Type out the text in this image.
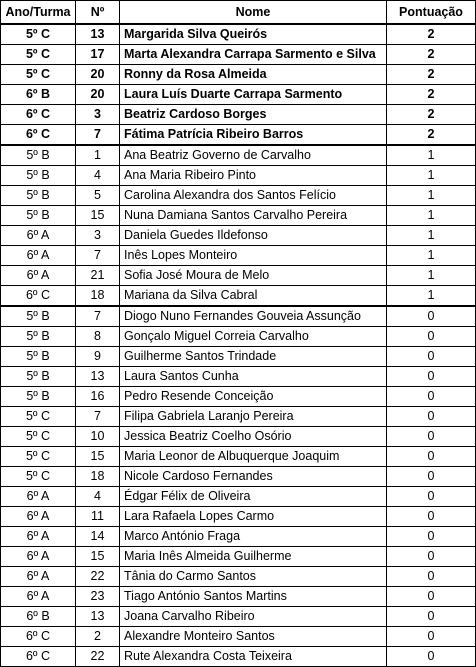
Ano/Turma	Nº	Nome	Pontuação
5º C	13	Margarida Silva Queirós	2
5º C	17	Marta Alexandra Carrapa Sarmento e Silva	2
5º C	20	Ronny da Rosa Almeida	2
6º B	20	Laura Luís Duarte Carrapa Sarmento	2
6º C	3	Beatriz Cardoso Borges	2
6º C	7	Fátima Patrícia Ribeiro Barros	2
5º B	1	Ana Beatriz Governo de Carvalho	1
5º B	4	Ana Maria Ribeiro Pinto	1
5º B	5	Carolina Alexandra dos Santos Felício	1
5º B	15	Nuna Damiana Santos Carvalho Pereira	1
6º A	3	Daniela Guedes Ildefonso	1
6º A	7	Inês Lopes Monteiro	1
6º A	21	Sofia José Moura de Melo	1
6º C	18	Mariana da Silva Cabral	1
5º B	7	Diogo Nuno Fernandes Gouveia Assunção	0
5º B	8	Gonçalo Miguel Correia Carvalho	0
5º B	9	Guilherme Santos Trindade	0
5º B	13	Laura Santos Cunha	0
5º B	16	Pedro Resende Conceição	0
5º C	7	Filipa Gabriela Laranjo Pereira	0
5º C	10	Jessica Beatriz Coelho Osório	0
5º C	15	Maria Leonor de Albuquerque Joaquim	0
5º C	18	Nicole Cardoso Fernandes	0
6º A	4	Édgar Félix de Oliveira	0
6º A	11	Lara Rafaela Lopes Carmo	0
6º A	14	Marco António Fraga	0
6º A	15	Maria Inês Almeida Guilherme	0
6º A	22	Tânia do Carmo Santos	0
6º A	23	Tiago António Santos Martins	0
6º B	13	Joana Carvalho Ribeiro	0
6º C	2	Alexandre Monteiro Santos	0
6º C	22	Rute Alexandra Costa Teixeira	0
